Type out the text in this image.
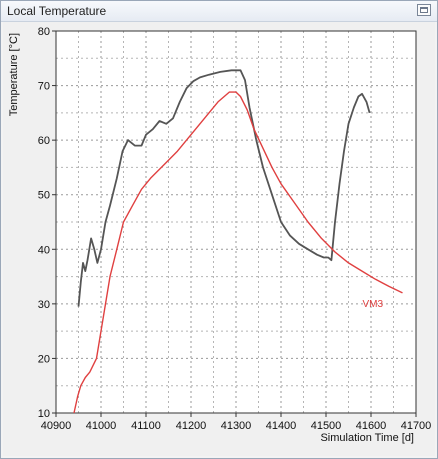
Local Temperature
40900 41000 41100 41200 41300 41400 41500 41600 41700
10
20
30
40
50
60
70
80
Simulation Time [d]
Temperature [°C]
VM3
